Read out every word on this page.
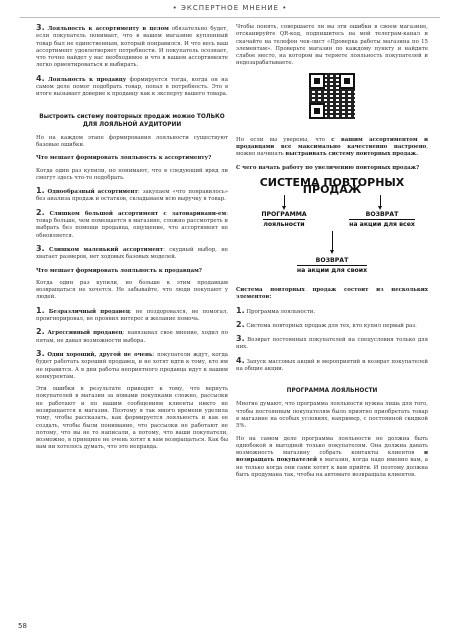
• ЭКСПЕРТНОЕ МНЕНИЕ •

3. Лояльность к ассортименту в целом обязательно будет, если покупатель понимает, что в вашем магазине купленный товар был не единственным, который понравился. И что весь ваш ассортимент удовлетворяет потребности. И покупатель осознает, что точно найдет у вас необходимое и что в вашем ассортименте легко ориентироваться и выбирать.

4. Лояльность к продавцу формируется тогда, когда он на самом деле помог подобрать товар, попал в потребность. Это в итоге вызывает доверие к продавцу как к эксперту вашего товара.

Выстроить систему повторных продаж можно ТОЛЬКО ДЛЯ ЛОЯЛЬНОЙ АУДИТОРИИ

Но на каждом этапе формирования лояльности существуют базовые ошибки.

Что мешает формировать лояльность к ассортименту?

Когда один раз купили, но понимают, что в следующий вряд ли смогут здесь что-то подобрать.

1. Однообразный ассортимент: закупаем «что понравилось» без анализа продаж и остатков, складываем всю выручку в товар.

2. Слишком большой ассортимент с затоваривани-ем: товар больше, чем помещается в магазине, сложно рассмотреть и выбрать без помощи продавца, ощущение, что ассортимент не обновляется.

3. Слишком маленький ассортимент: скудный выбор, не хватает размеров, нет ходовых базовых моделей.

Что мешает формировать лояльность к продавцам?

Когда один раз купили, но больше к этим продавцам возвращаться не хочется. Не забывайте, что люди покупают у людей.

1. Безразличный продавец: не поздоровался, не помогал, проигнорировал, не проявил интерес и желание помочь.

2. Агрессивный продавец: навязывал свое мнение, ходил по пятам, не давал возможности выбора.

3. Один хороший, другой не очень: покупатели ждут, когда будет работать хороший продавец, и не хотят идти к тому, кто им не нравится. А в дни работы неприятного продавца идут к вашим конкурентам.

Эти ошибки в результате приводят к тому, что вернуть покупателей в магазин за новыми покупками сложно, рассылки не работают и по вашим сообщениям клиенты никто не возвращается в магазин. Поэтому я так много времени уделила тому, чтобы рассказать, как формируется лояльность и как ее создать, чтобы были понимание, что рассылки не работают не потому, что вы не то написали, а потому, что ваши покупатели, возможно, в принципе не очень хотят к вам возвращаться. Как бы вам ни хотелось думать, что это неправда.

Чтобы понять, совершаете ли вы эти ошибки в своем магазине, отсканируйте QR-код, подпишитесь на мой телеграм-канал и скачайте на телефон чек-лист «Проверка работы магазина по 15 элементам». Проверьте магазин по каждому пункту и найдите слабое место, на котором вы теряете лояльность покупателей и недозарабатываете.

Но если вы уверены, что с вашим ассортиментом и продавцами все максимально качественно настроено, можно начинать выстраивать систему повторных продаж.

С чего начать работу по увеличению повторных продаж?

СИСТЕМА ПОВТОРНЫХ ПРОДАЖ
ПРОГРАММА
лояльности
ВОЗВРАТ
на акции для всех
ВОЗВРАТ
на акции для своих

Система повторных продаж состоит из нескольких элементов:

1. Программа лояльности.

2. Система повторных продаж для тех, кто купил первый раз.

3. Возврат постоянных покупателей на спецусловия только для них.

4. Запуск массовых акций и мероприятий и возврат покупателей на общие акции.

ПРОГРАММА ЛОЯЛЬНОСТИ

Многие думают, что программа лояльности нужна лишь для того, чтобы постоянным покупателям было приятно приобретать товар в магазине на особых условиях, например, с постоянной скидкой 5%.

Но на самом деле программа лояльности не должна быть однобокой и выгодной только покупателям. Она должна давать возможность магазину собрать контакты клиентов и возвращать покупателей в магазин, когда надо именно вам, а не только когда они сами хотят к вам прийти. И поэтому должна быть продумана так, чтобы на автомате возвращала клиентов.

58
